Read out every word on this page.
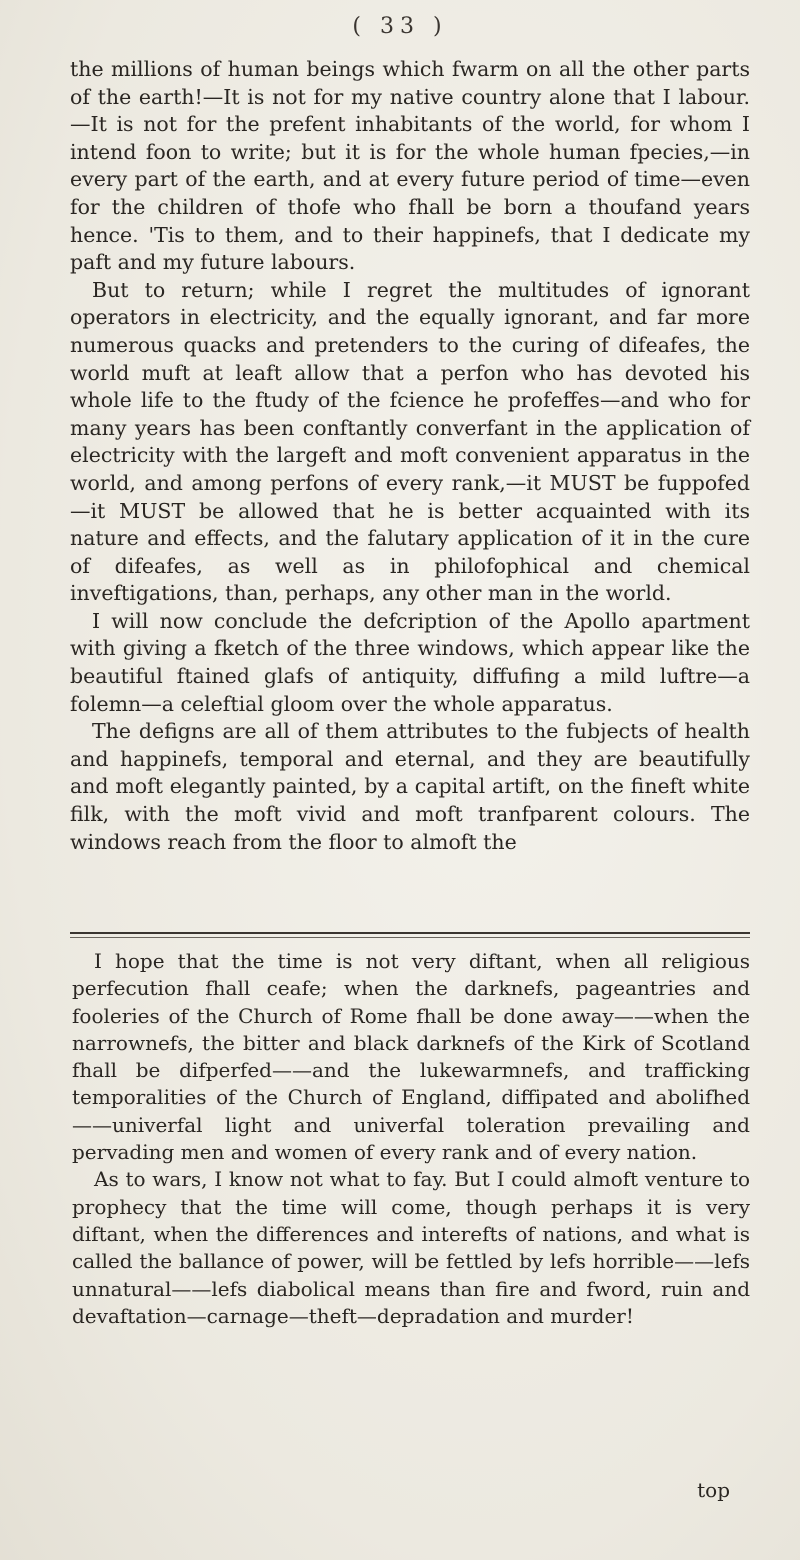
( 33 )

the millions of human beings which fwarm on all the other parts of the earth!—It is not for my native country alone that I labour.—It is not for the prefent inhabitants of the world, for whom I intend foon to write; but it is for the whole human fpecies,—in every part of the earth, and at every future period of time—even for the children of thofe who fhall be born a thoufand years hence. 'Tis to them, and to their happinefs, that I dedicate my paft and my future labours.

But to return; while I regret the multitudes of ignorant operators in electricity, and the equally ignorant, and far more numerous quacks and pretenders to the curing of difeafes, the world muft at leaft allow that a perfon who has devoted his whole life to the ftudy of the fcience he profeffes—and who for many years has been conftantly converfant in the application of electricity with the largeft and moft convenient apparatus in the world, and among perfons of every rank,—it MUST be fuppofed—it MUST be allowed that he is better acquainted with its nature and effects, and the falutary application of it in the cure of difeafes, as well as in philofophical and chemical inveftigations, than, perhaps, any other man in the world.

I will now conclude the defcription of the Apollo apartment with giving a fketch of the three windows, which appear like the beautiful ftained glafs of antiquity, diffufing a mild luftre—a folemn—a celeftial gloom over the whole apparatus.

The defigns are all of them attributes to the fubjects of health and happinefs, temporal and eternal, and they are beautifully and moft elegantly painted, by a capital artift, on the fineft white filk, with the moft vivid and moft tranfparent colours. The windows reach from the floor to almoft the

I hope that the time is not very diftant, when all religious perfecution fhall ceafe; when the darknefs, pageantries and fooleries of the Church of Rome fhall be done away——when the narrownefs, the bitter and black darknefs of the Kirk of Scotland fhall be difperfed——and the lukewarmnefs, and trafficking temporalities of the Church of England, diffipated and abolifhed——univerfal light and univerfal toleration prevailing and pervading men and women of every rank and of every nation.

As to wars, I know not what to fay. But I could almoft venture to prophecy that the time will come, though perhaps it is very diftant, when the differences and interefts of nations, and what is called the ballance of power, will be fettled by lefs horrible——lefs unnatural——lefs diabolical means than fire and fword, ruin and devaftation—carnage—theft—depradation and murder!

top
